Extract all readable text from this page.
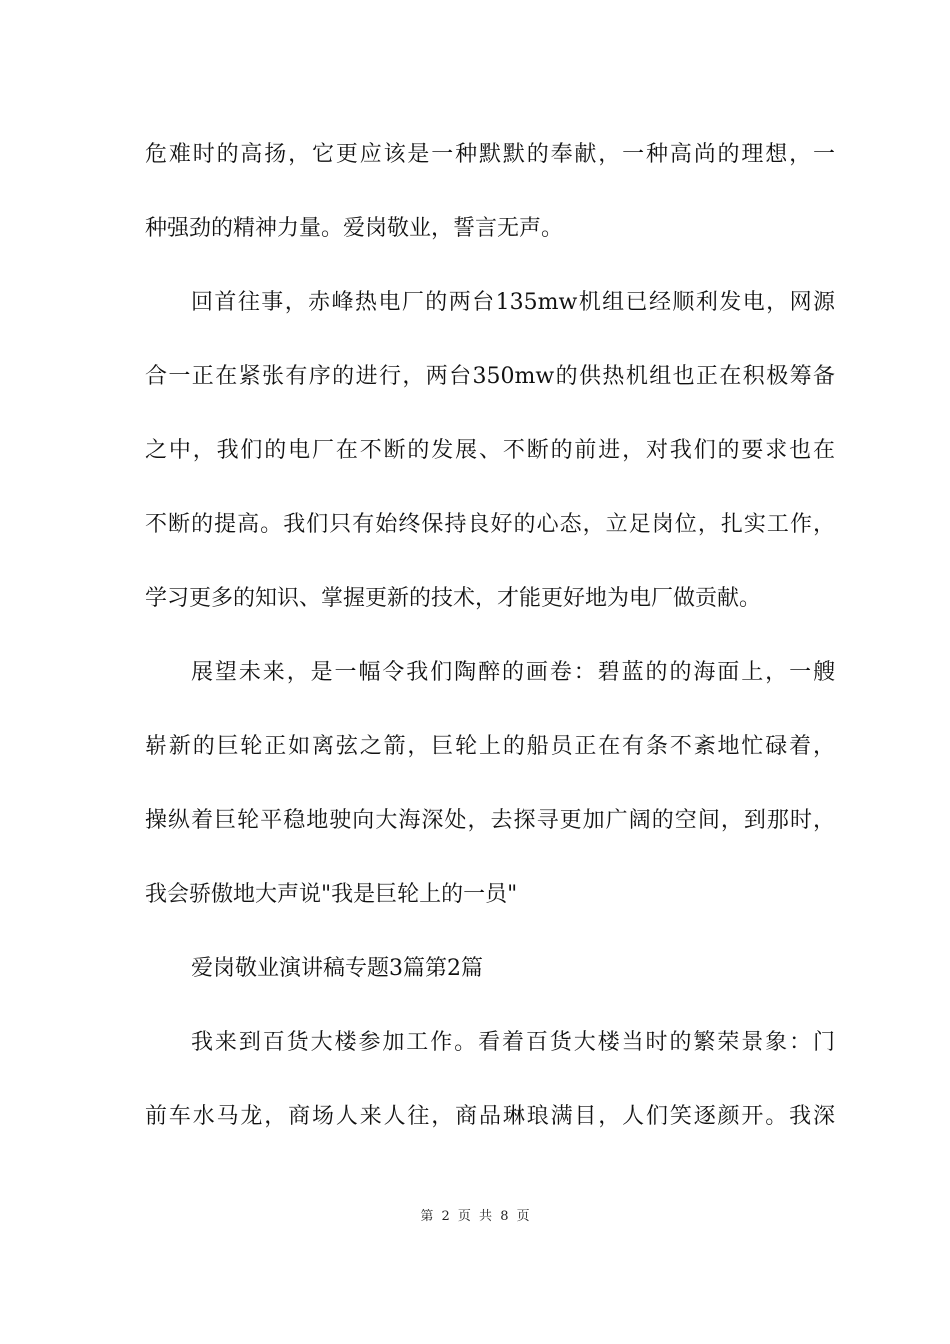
危难时的高扬，它更应该是一种默默的奉献，一种高尚的理想，一
种强劲的精神力量。爱岗敬业，誓言无声。
回首往事，赤峰热电厂的两台135mw机组已经顺利发电，网源
合一正在紧张有序的进行，两台350mw的供热机组也正在积极筹备
之中，我们的电厂在不断的发展、不断的前进，对我们的要求也在
不断的提高。我们只有始终保持良好的心态，立足岗位，扎实工作，
学习更多的知识、掌握更新的技术，才能更好地为电厂做贡献。
展望未来，是一幅令我们陶醉的画卷：碧蓝的的海面上，一艘
崭新的巨轮正如离弦之箭，巨轮上的船员正在有条不紊地忙碌着，
操纵着巨轮平稳地驶向大海深处，去探寻更加广阔的空间，到那时，
我会骄傲地大声说"我是巨轮上的一员"
爱岗敬业演讲稿专题3篇第2篇
我来到百货大楼参加工作。看着百货大楼当时的繁荣景象：门
前车水马龙，商场人来人往，商品琳琅满目，人们笑逐颜开。我深
第 2 页 共 8 页
